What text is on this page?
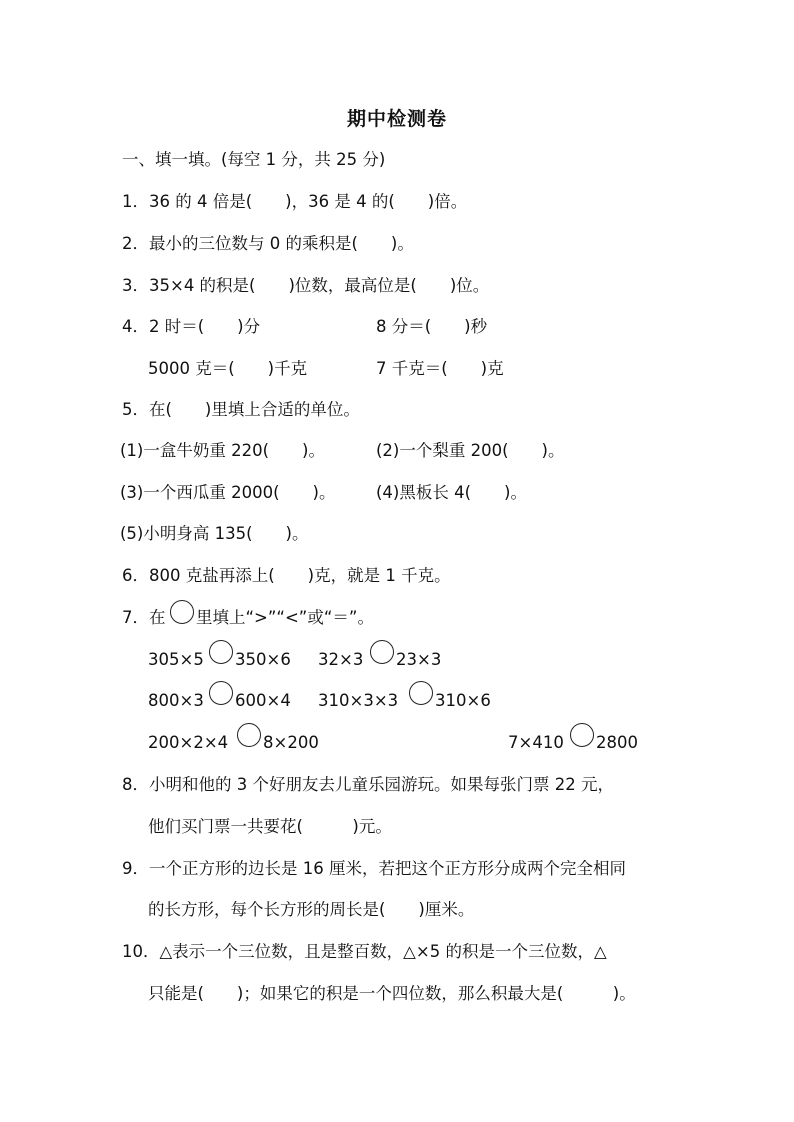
期中检测卷
一、填一填。(每空 1 分，共 25 分)
1．36 的 4 倍是(　　)，36 是 4 的(　　)倍。
2．最小的三位数与 0 的乘积是(　　)。
3．35×4 的积是(　　)位数，最高位是(　　)位。
4．2 时＝(　　)分	8 分＝(　　)秒
5000 克＝(　　)千克	7 千克＝(　　)克
5．在(　　)里填上合适的单位。
(1)一盒牛奶重 220(　　)。	(2)一个梨重 200(　　)。
(3)一个西瓜重 2000(　　)。 (4)黑板长 4(　　)。
(5)小明身高 135(　　)。
6．800 克盐再添上(　　)克，就是 1 千克。
7．在 里填上“>”“<”或“＝”。
305×5 350×6 32×3 23×3
800×3 600×4 310×3×3 310×6
200×2×4 8×200	7×410 2800
8．小明和他的 3 个好朋友去儿童乐园游玩。如果每张门票 22 元，
他们买门票一共要花(　　　)元。
9．一个正方形的边长是 16 厘米，若把这个正方形分成两个完全相同
的长方形，每个长方形的周长是(　　)厘米。
10．△表示一个三位数，且是整百数，△×5 的积是一个三位数，△
只能是(　　)；如果它的积是一个四位数，那么积最大是(　　　)。
